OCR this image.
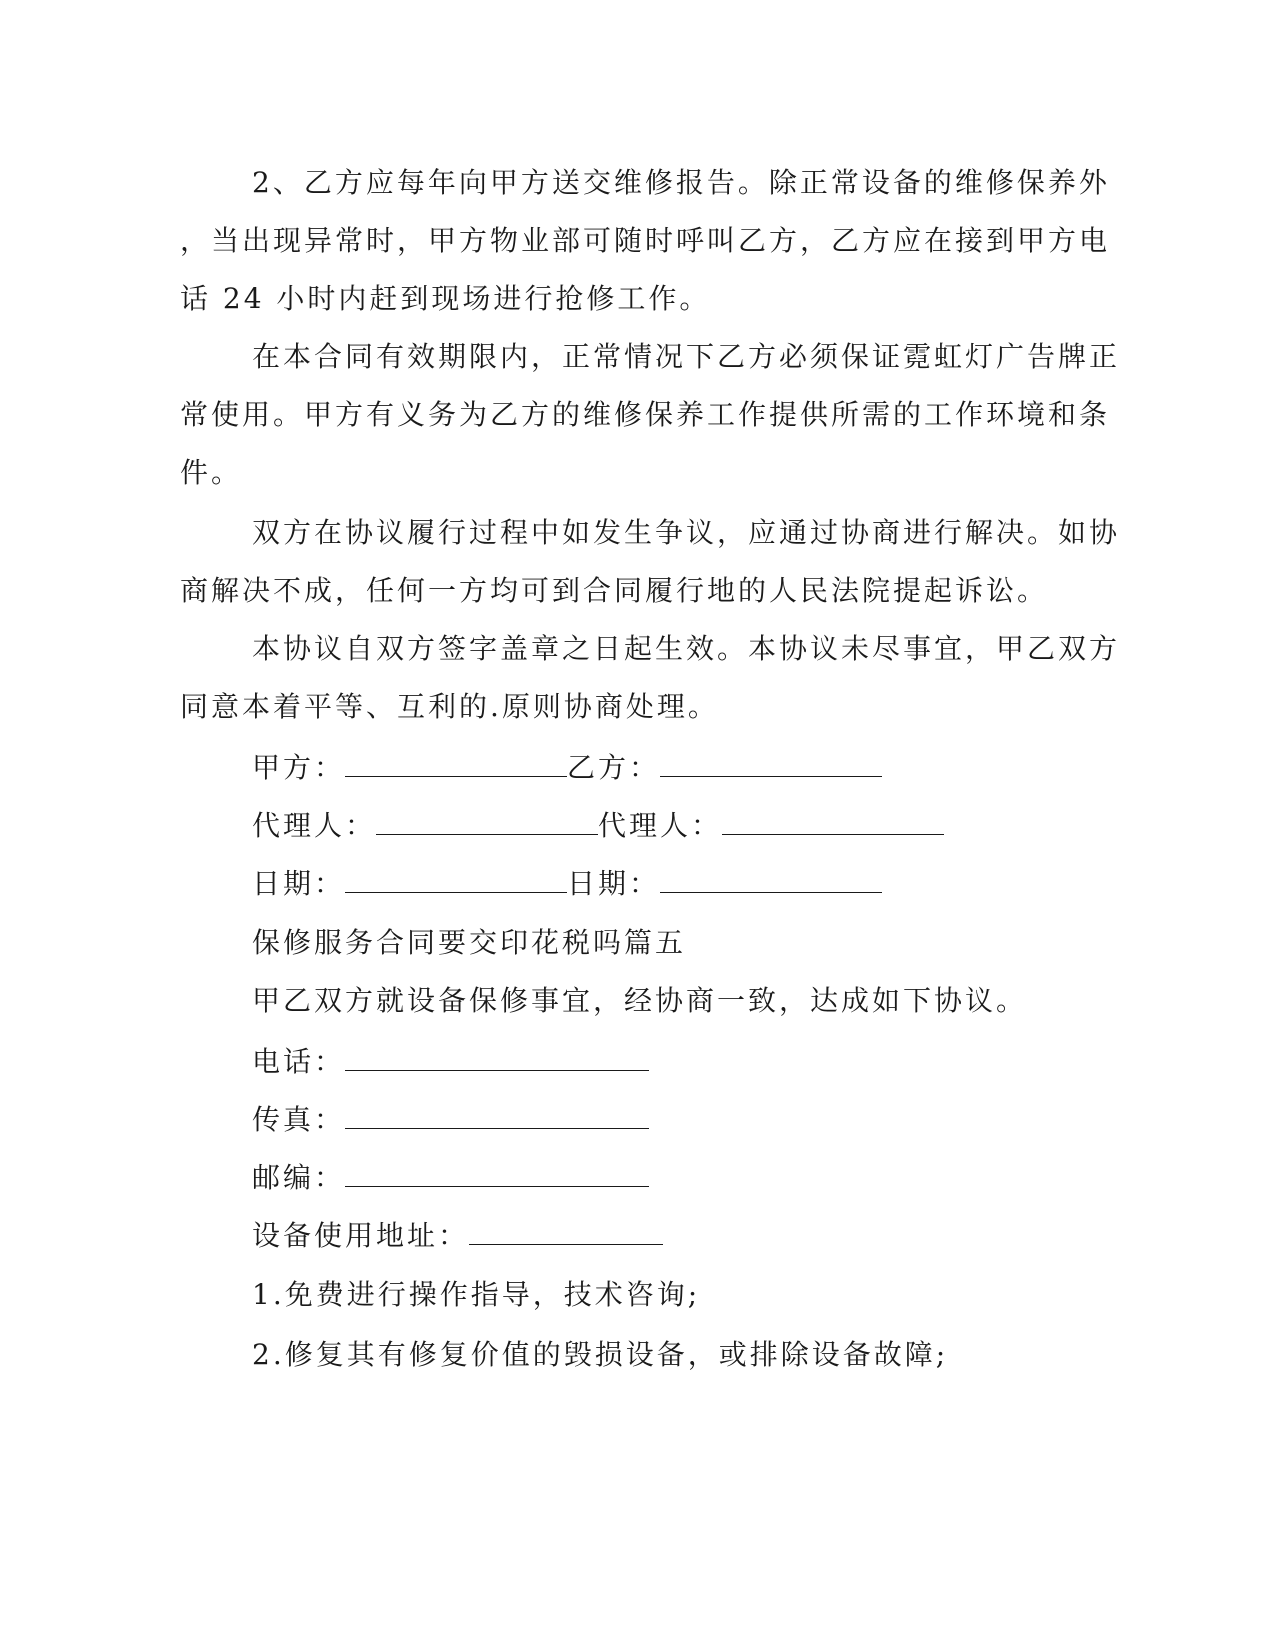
2、乙方应每年向甲方送交维修报告。除正常设备的维修保养外
，当出现异常时，甲方物业部可随时呼叫乙方，乙方应在接到甲方电
话 24 小时内赶到现场进行抢修工作。
在本合同有效期限内，正常情况下乙方必须保证霓虹灯广告牌正
常使用。甲方有义务为乙方的维修保养工作提供所需的工作环境和条
件。
双方在协议履行过程中如发生争议，应通过协商进行解决。如协
商解决不成，任何一方均可到合同履行地的人民法院提起诉讼。
本协议自双方签字盖章之日起生效。本协议未尽事宜，甲乙双方
同意本着平等、互利的.原则协商处理。
甲方：	乙方：
代理人：	代理人：
日期：	日期：
保修服务合同要交印花税吗篇五
甲乙双方就设备保修事宜，经协商一致，达成如下协议。
电话：
传真：
邮编：
设备使用地址：
1.免费进行操作指导，技术咨询;
2.修复其有修复价值的毁损设备，或排除设备故障;
